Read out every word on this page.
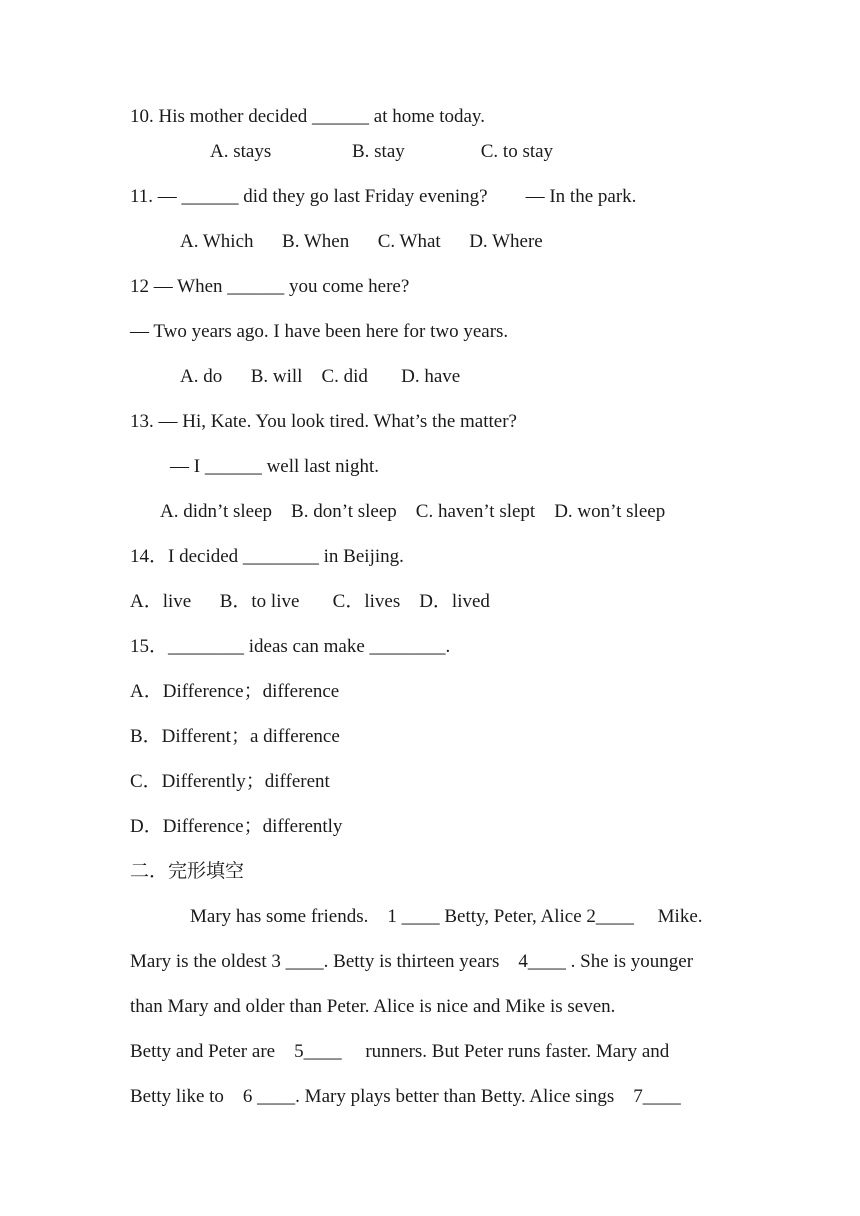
10. His mother decided ______ at home today.
A. stays                 B. stay                C. to stay
11. — ______ did they go last Friday evening?        — In the park.
A. Which      B. When      C. What      D. Where
12 — When ______ you come here?
— Two years ago. I have been here for two years.
A. do      B. will    C. did       D. have
13. — Hi, Kate. You look tired. What’s the matter?
— I ______ well last night.
A. didn’t sleep    B. don’t sleep    C. haven’t slept    D. won’t sleep
14．I decided ________ in Beijing.
A．live      B．to live       C．lives    D．lived
15．________ ideas can make ________.
A．Difference；difference
B．Different；a difference
C．Differently；different
D．Difference；differently
二．完形填空
Mary has some friends.    1 ____ Betty, Peter, Alice 2____     Mike.
Mary is the oldest 3 ____. Betty is thirteen years    4____ . She is younger
than Mary and older than Peter. Alice is nice and Mike is seven.
Betty and Peter are    5____     runners. But Peter runs faster. Mary and
Betty like to    6 ____. Mary plays better than Betty. Alice sings    7____
